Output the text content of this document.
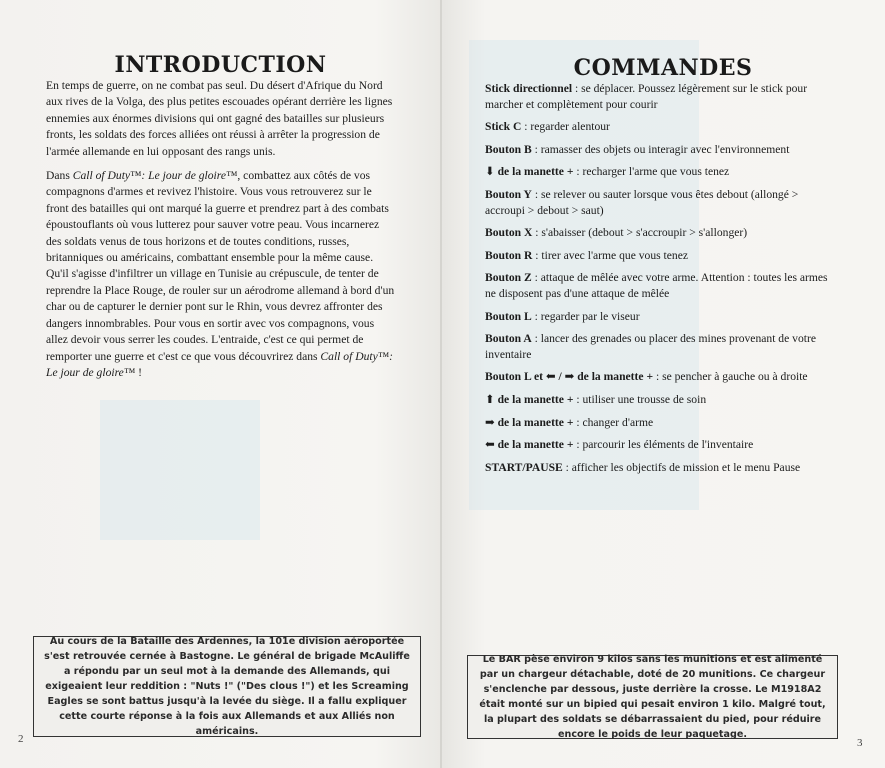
INTRODUCTION

En temps de guerre, on ne combat pas seul. Du désert d'Afrique du Nord aux rives de la Volga, des plus petites escouades opérant derrière les lignes ennemies aux énormes divisions qui ont gagné des batailles sur plusieurs fronts, les soldats des forces alliées ont réussi à arrêter la progression de l'armée allemande en lui opposant des rangs unis.

Dans Call of Duty™: Le jour de gloire™, combattez aux côtés de vos compagnons d'armes et revivez l'histoire. Vous vous retrouverez sur le front des batailles qui ont marqué la guerre et prendrez part à des combats époustouflants où vous lutterez pour sauver votre peau. Vous incarnerez des soldats venus de tous horizons et de toutes conditions, russes, britanniques ou américains, combattant ensemble pour la même cause. Qu'il s'agisse d'infiltrer un village en Tunisie au crépuscule, de tenter de reprendre la Place Rouge, de rouler sur un aérodrome allemand à bord d'un char ou de capturer le dernier pont sur le Rhin, vous devrez affronter des dangers innombrables. Pour vous en sortir avec vos compagnons, vous allez devoir vous serrer les coudes. L'entraide, c'est ce qui permet de remporter une guerre et c'est ce que vous découvrirez dans Call of Duty™: Le jour de gloire™ !

Au cours de la Bataille des Ardennes, la 101e division aéroportée s'est retrouvée cernée à Bastogne. Le général de brigade McAuliffe a répondu par un seul mot à la demande des Allemands, qui exigeaient leur reddition : "Nuts !" ("Des clous !") et les Screaming Eagles se sont battus jusqu'à la levée du siège. Il a fallu expliquer cette courte réponse à la fois aux Allemands et aux Alliés non américains.
2
COMMANDES
Stick directionnel : se déplacer. Poussez légèrement sur le stick pour marcher et complètement pour courir
Stick C : regarder alentour
Bouton B : ramasser des objets ou interagir avec l'environnement
⬇ de la manette + : recharger l'arme que vous tenez
Bouton Y : se relever ou sauter lorsque vous êtes debout (allongé > accroupi > debout > saut)
Bouton X : s'abaisser (debout > s'accroupir > s'allonger)
Bouton R : tirer avec l'arme que vous tenez
Bouton Z : attaque de mêlée avec votre arme. Attention : toutes les armes ne disposent pas d'une attaque de mêlée
Bouton L : regarder par le viseur
Bouton A : lancer des grenades ou placer des mines provenant de votre inventaire
Bouton L et ⬅ / ➡ de la manette + : se pencher à gauche ou à droite
⬆ de la manette + : utiliser une trousse de soin
➡ de la manette + : changer d'arme
⬅ de la manette + : parcourir les éléments de l'inventaire
START/PAUSE : afficher les objectifs de mission et le menu Pause
Le BAR pèse environ 9 kilos sans les munitions et est alimenté par un chargeur détachable, doté de 20 munitions. Ce chargeur s'enclenche par dessous, juste derrière la crosse. Le M1918A2 était monté sur un bipied qui pesait environ 1 kilo. Malgré tout, la plupart des soldats se débarrassaient du pied, pour réduire encore le poids de leur paquetage.
3
